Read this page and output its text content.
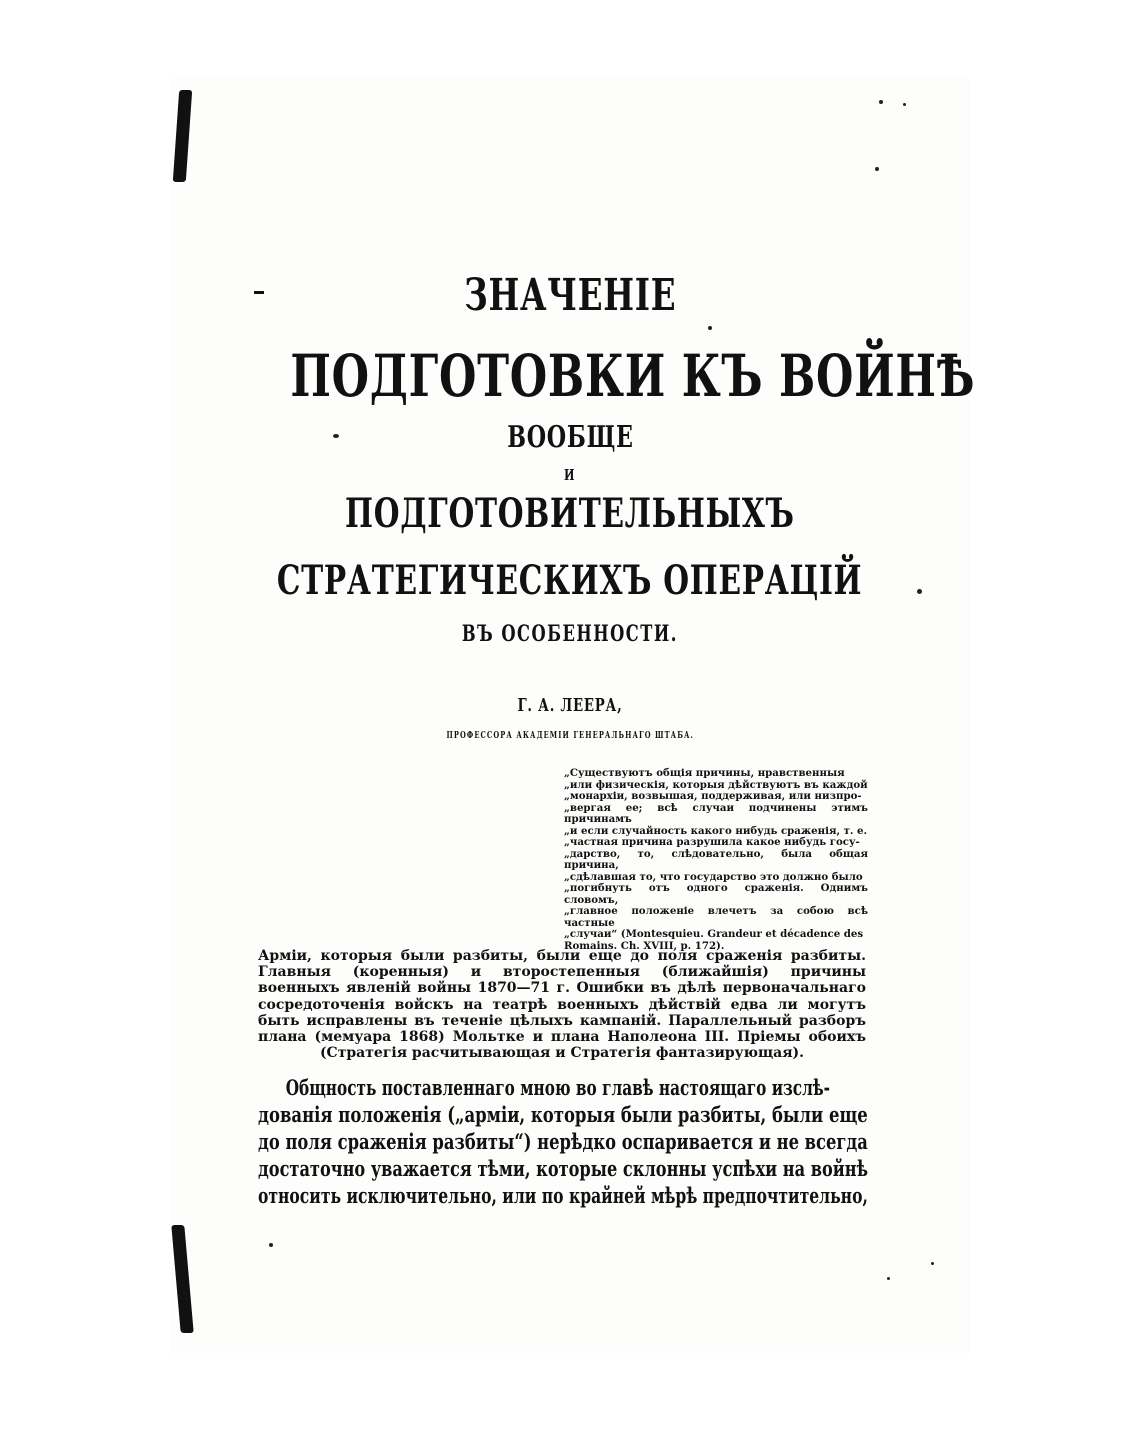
ЗНАЧЕНІЕ
ПОДГОТОВКИ КЪ ВОЙНѢ
ВООБЩЕ
И
ПОДГОТОВИТЕЛЬНЫХЪ
СТРАТЕГИЧЕСКИХЪ ОПЕРАЦІЙ
ВЪ ОСОБЕННОСТИ.
Г. А. ЛЕЕРА,
ПРОФЕССОРА АКАДЕМІИ ГЕНЕРАЛЬНАГО ШТАБА.

„Существуютъ общія причины, нравственныя
„или физическія, которыя дѣйствуютъ въ каждой
„монархіи, возвышая, поддерживая, или низпро-
„вергая ее; всѣ случаи подчинены этимъ причинамъ
„и если случайность какого нибудь сраженія, т. е.
„частная причина разрушила какое нибудь госу-
„дарство, то, слѣдовательно, была общая причина,
„сдѣлавшая то, что государство это должно было
„погибнуть отъ одного сраженія. Однимъ словомъ,
„главное положеніе влечетъ за собою всѣ частные
„случаи“ (Montesquieu. Grandeur et décadence des
Romains. Ch. XVIII, p. 172).

Арміи, которыя были разбиты, были еще до поля сраженія разбиты. Главныя (коренныя) и второстепенныя (ближайшія) причины военныхъ явленій войны 1870—71 г. Ошибки въ дѣлѣ первоначальнаго сосредоточенія войскъ на театрѣ военныхъ дѣйствій едва ли могутъ быть исправлены въ теченіе цѣлыхъ кампаній. Параллельный разборъ плана (мемуара 1868) Мольтке и плана Наполеона III. Пріемы обоихъ (Стратегія расчитывающая и Стратегія фантазирующая).

Общность поставленнаго мною во главѣ настоящаго изслѣ-
дованія положенія („арміи, которыя были разбиты, были еще
до поля сраженія разбиты“) нерѣдко оспаривается и не всегда
достаточно уважается тѣми, которые склонны успѣхи на войнѣ
относить исключительно, или по крайней мѣрѣ предпочтительно,
